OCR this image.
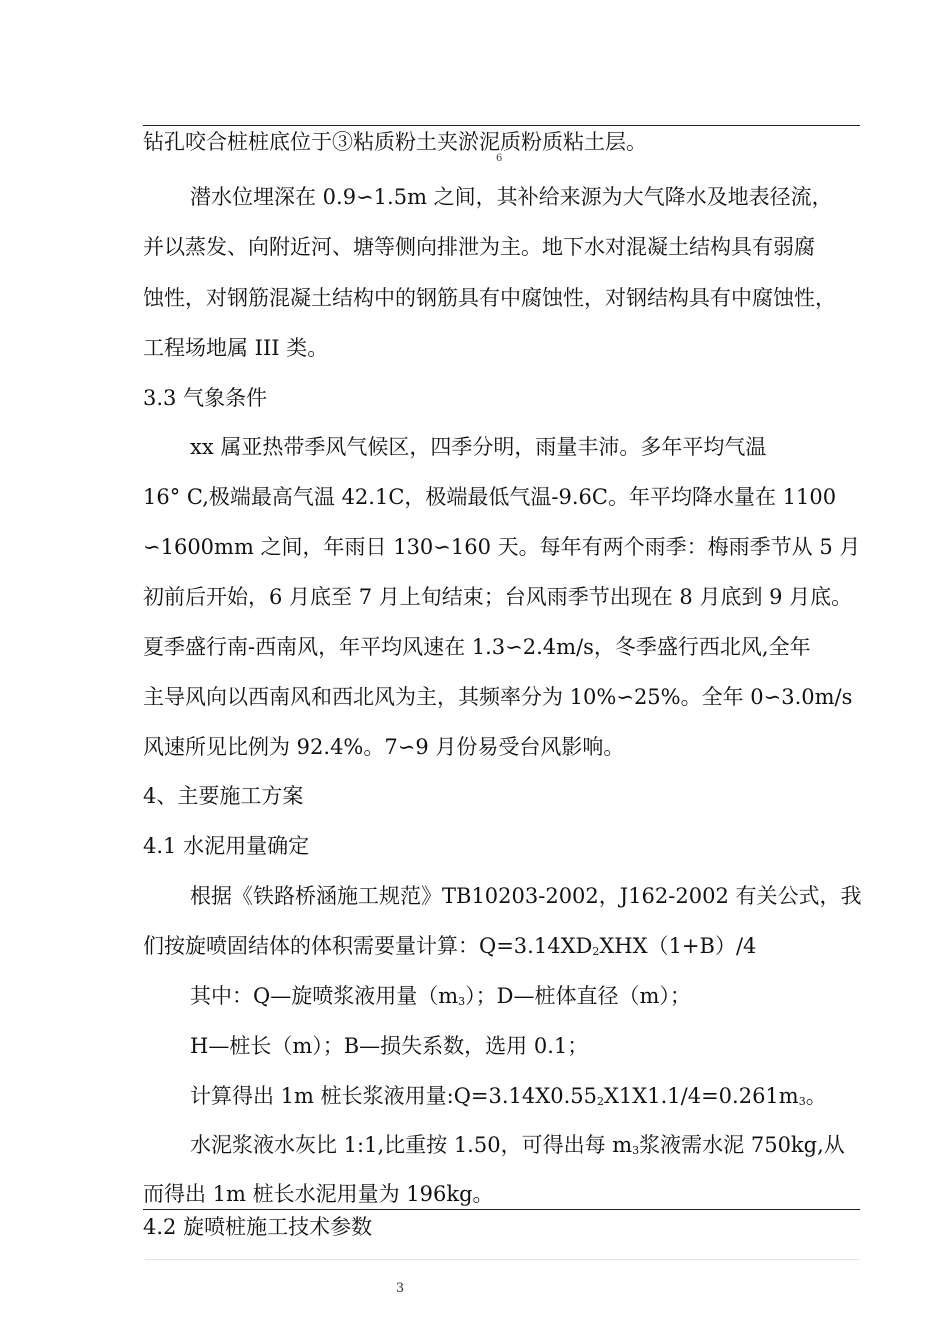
钻孔咬合桩桩底位于③粘质粉土夹淤泥质粉质粘土层。
6
潜水位埋深在 0.9∽1.5m 之间，其补给来源为大气降水及地表径流，
并以蒸发、向附近河、塘等侧向排泄为主。地下水对混凝土结构具有弱腐
蚀性，对钢筋混凝土结构中的钢筋具有中腐蚀性，对钢结构具有中腐蚀性，
工程场地属 III 类。
3.3 气象条件
xx 属亚热带季风气候区，四季分明，雨量丰沛。多年平均气温
16° C,极端最高气温 42.1C，极端最低气温-9.6C。年平均降水量在 1100
∽1600mm 之间，年雨日 130∽160 天。每年有两个雨季：梅雨季节从 5 月
初前后开始，6 月底至 7 月上旬结束；台风雨季节出现在 8 月底到 9 月底。
夏季盛行南-西南风，年平均风速在 1.3∽2.4m/s，冬季盛行西北风,全年
主导风向以西南风和西北风为主，其频率分为 10%∽25%。全年 0∽3.0m/s
风速所见比例为 92.4%。7∽9 月份易受台风影响。
4、主要施工方案
4.1 水泥用量确定
根据《铁路桥涵施工规范》TB10203-2002，J162-2002 有关公式，我
们按旋喷固结体的体积需要量计算：$Q=3.14XD_2XHX(1+B)/4$
其中：Q—旋喷浆液用量$(m_3)$；D—桩体直径（m）；
H—桩长（m）；B—损失系数，选用 0.1；
计算得出 1m 桩长浆液用量$:Q=3.14X0.55_2X1X1.1/4=0.261m_3$。
水泥浆液水灰比 1:1,比重按 1.50，可得出每 $m_3$浆液需水泥 750kg,从
而得出 1m 桩长水泥用量为 196kg。
4.2 旋喷桩施工技术参数
3
